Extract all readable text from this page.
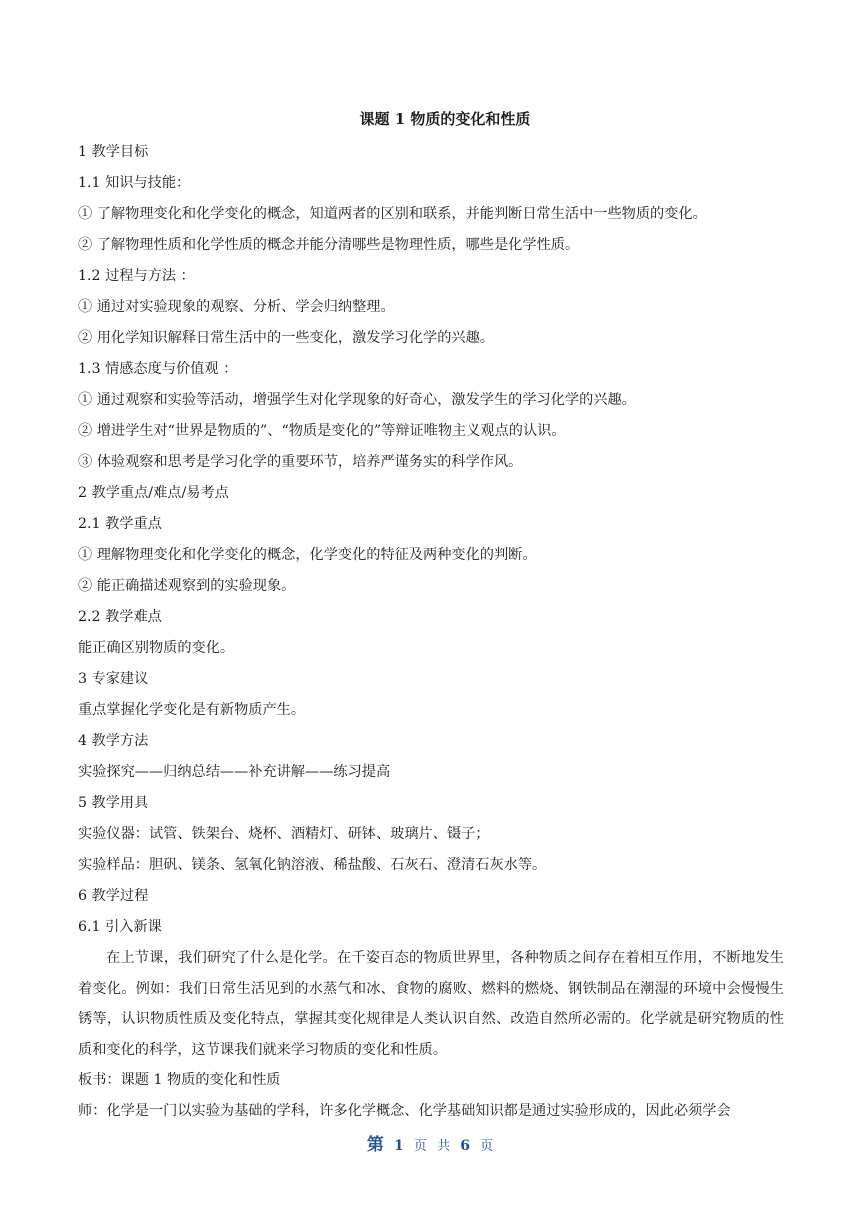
课题 1 物质的变化和性质
1 教学目标
1.1 知识与技能：
① 了解物理变化和化学变化的概念，知道两者的区别和联系，并能判断日常生活中一些物质的变化。
② 了解物理性质和化学性质的概念并能分清哪些是物理性质，哪些是化学性质。
1.2 过程与方法 ：
① 通过对实验现象的观察、分析、学会归纳整理。
② 用化学知识解释日常生活中的一些变化，激发学习化学的兴趣。
1.3 情感态度与价值观 ：
① 通过观察和实验等活动，增强学生对化学现象的好奇心，激发学生的学习化学的兴趣。
② 增进学生对“世界是物质的”、“物质是变化的”等辩证唯物主义观点的认识。
③ 体验观察和思考是学习化学的重要环节，培养严谨务实的科学作风。
2 教学重点/难点/易考点
2.1 教学重点
① 理解物理变化和化学变化的概念，化学变化的特征及两种变化的判断。
② 能正确描述观察到的实验现象。
2.2 教学难点
能正确区别物质的变化。
3 专家建议
重点掌握化学变化是有新物质产生。
4 教学方法
实验探究——归纳总结——补充讲解——练习提高
5 教学用具
实验仪器：试管、铁架台、烧杯、酒精灯、研钵、玻璃片、镊子；
实验样品：胆矾、镁条、氢氧化钠溶液、稀盐酸、石灰石、澄清石灰水等。
6 教学过程
6.1 引入新课

在上节课，我们研究了什么是化学。在千姿百态的物质世界里，各种物质之间存在着相互作用，不断地发生着变化。例如：我们日常生活见到的水蒸气和冰、食物的腐败、燃料的燃烧、钢铁制品在潮湿的环境中会慢慢生锈等，认识物质性质及变化特点，掌握其变化规律是人类认识自然、改造自然所必需的。化学就是研究物质的性质和变化的科学，这节课我们就来学习物质的变化和性质。

板书：课题 1 物质的变化和性质
师：化学是一门以实验为基础的学科，许多化学概念、化学基础知识都是通过实验形成的，因此必须学会
第 1 页 共 6 页
